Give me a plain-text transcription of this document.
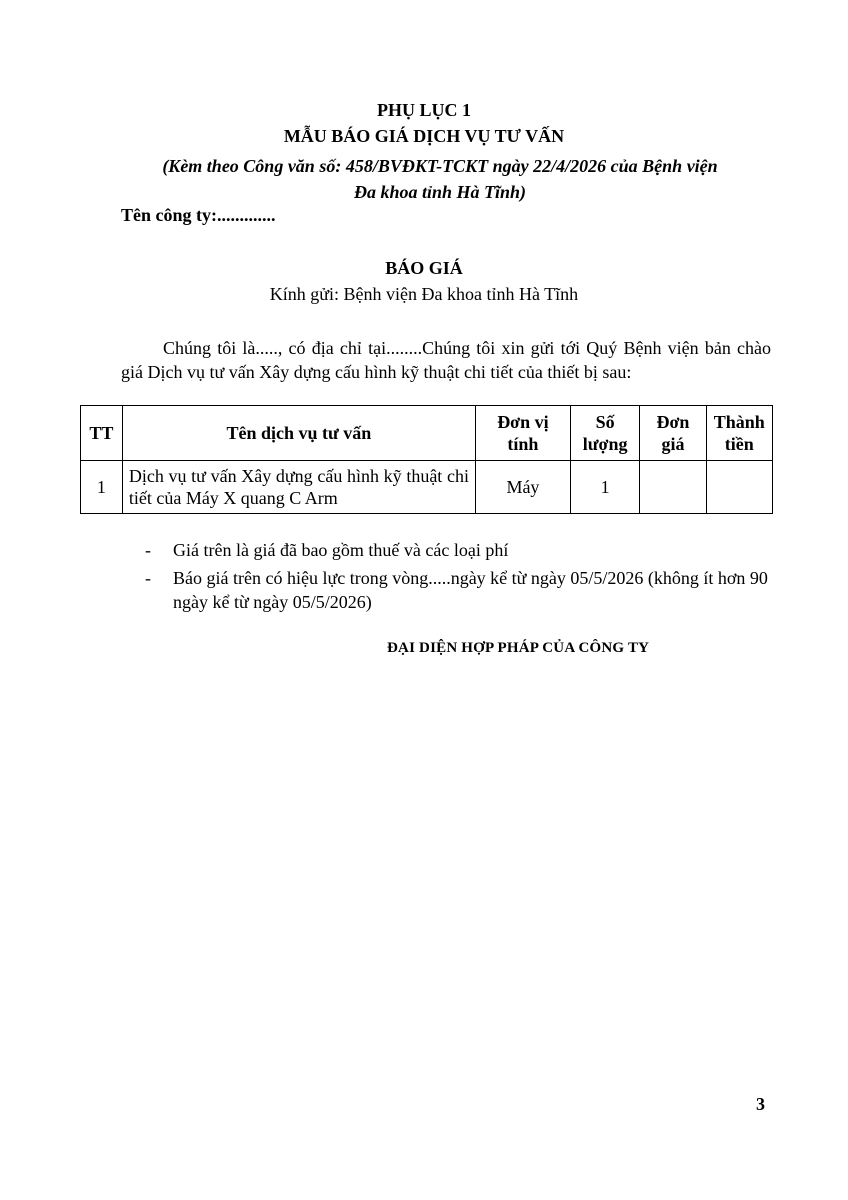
PHỤ LỤC 1
MẪU BÁO GIÁ DỊCH VỤ TƯ VẤN
(Kèm theo Công văn số: 458/BVĐKT-TCKT ngày 22/4/2026 của Bệnh viện
Đa khoa tỉnh Hà Tĩnh)
Tên công ty:.............
BÁO GIÁ
Kính gửi: Bệnh viện Đa khoa tỉnh Hà Tĩnh
Chúng tôi là....., có địa chỉ tại........Chúng tôi xin gửi tới Quý Bệnh viện bản chào giá Dịch vụ tư vấn Xây dựng cấu hình kỹ thuật chi tiết của thiết bị sau:
TT	Tên dịch vụ tư vấn	Đơn vị tính	Số lượng	Đơn giá	Thành tiền
1	Dịch vụ tư vấn Xây dựng cấu hình kỹ thuật chi tiết của Máy X quang C Arm	Máy	1		
- Giá trên là giá đã bao gồm thuế và các loại phí
- Báo giá trên có hiệu lực trong vòng.....ngày kể từ ngày 05/5/2026 (không ít hơn 90 ngày kể từ ngày 05/5/2026)
ĐẠI DIỆN HỢP PHÁP CỦA CÔNG TY
3
